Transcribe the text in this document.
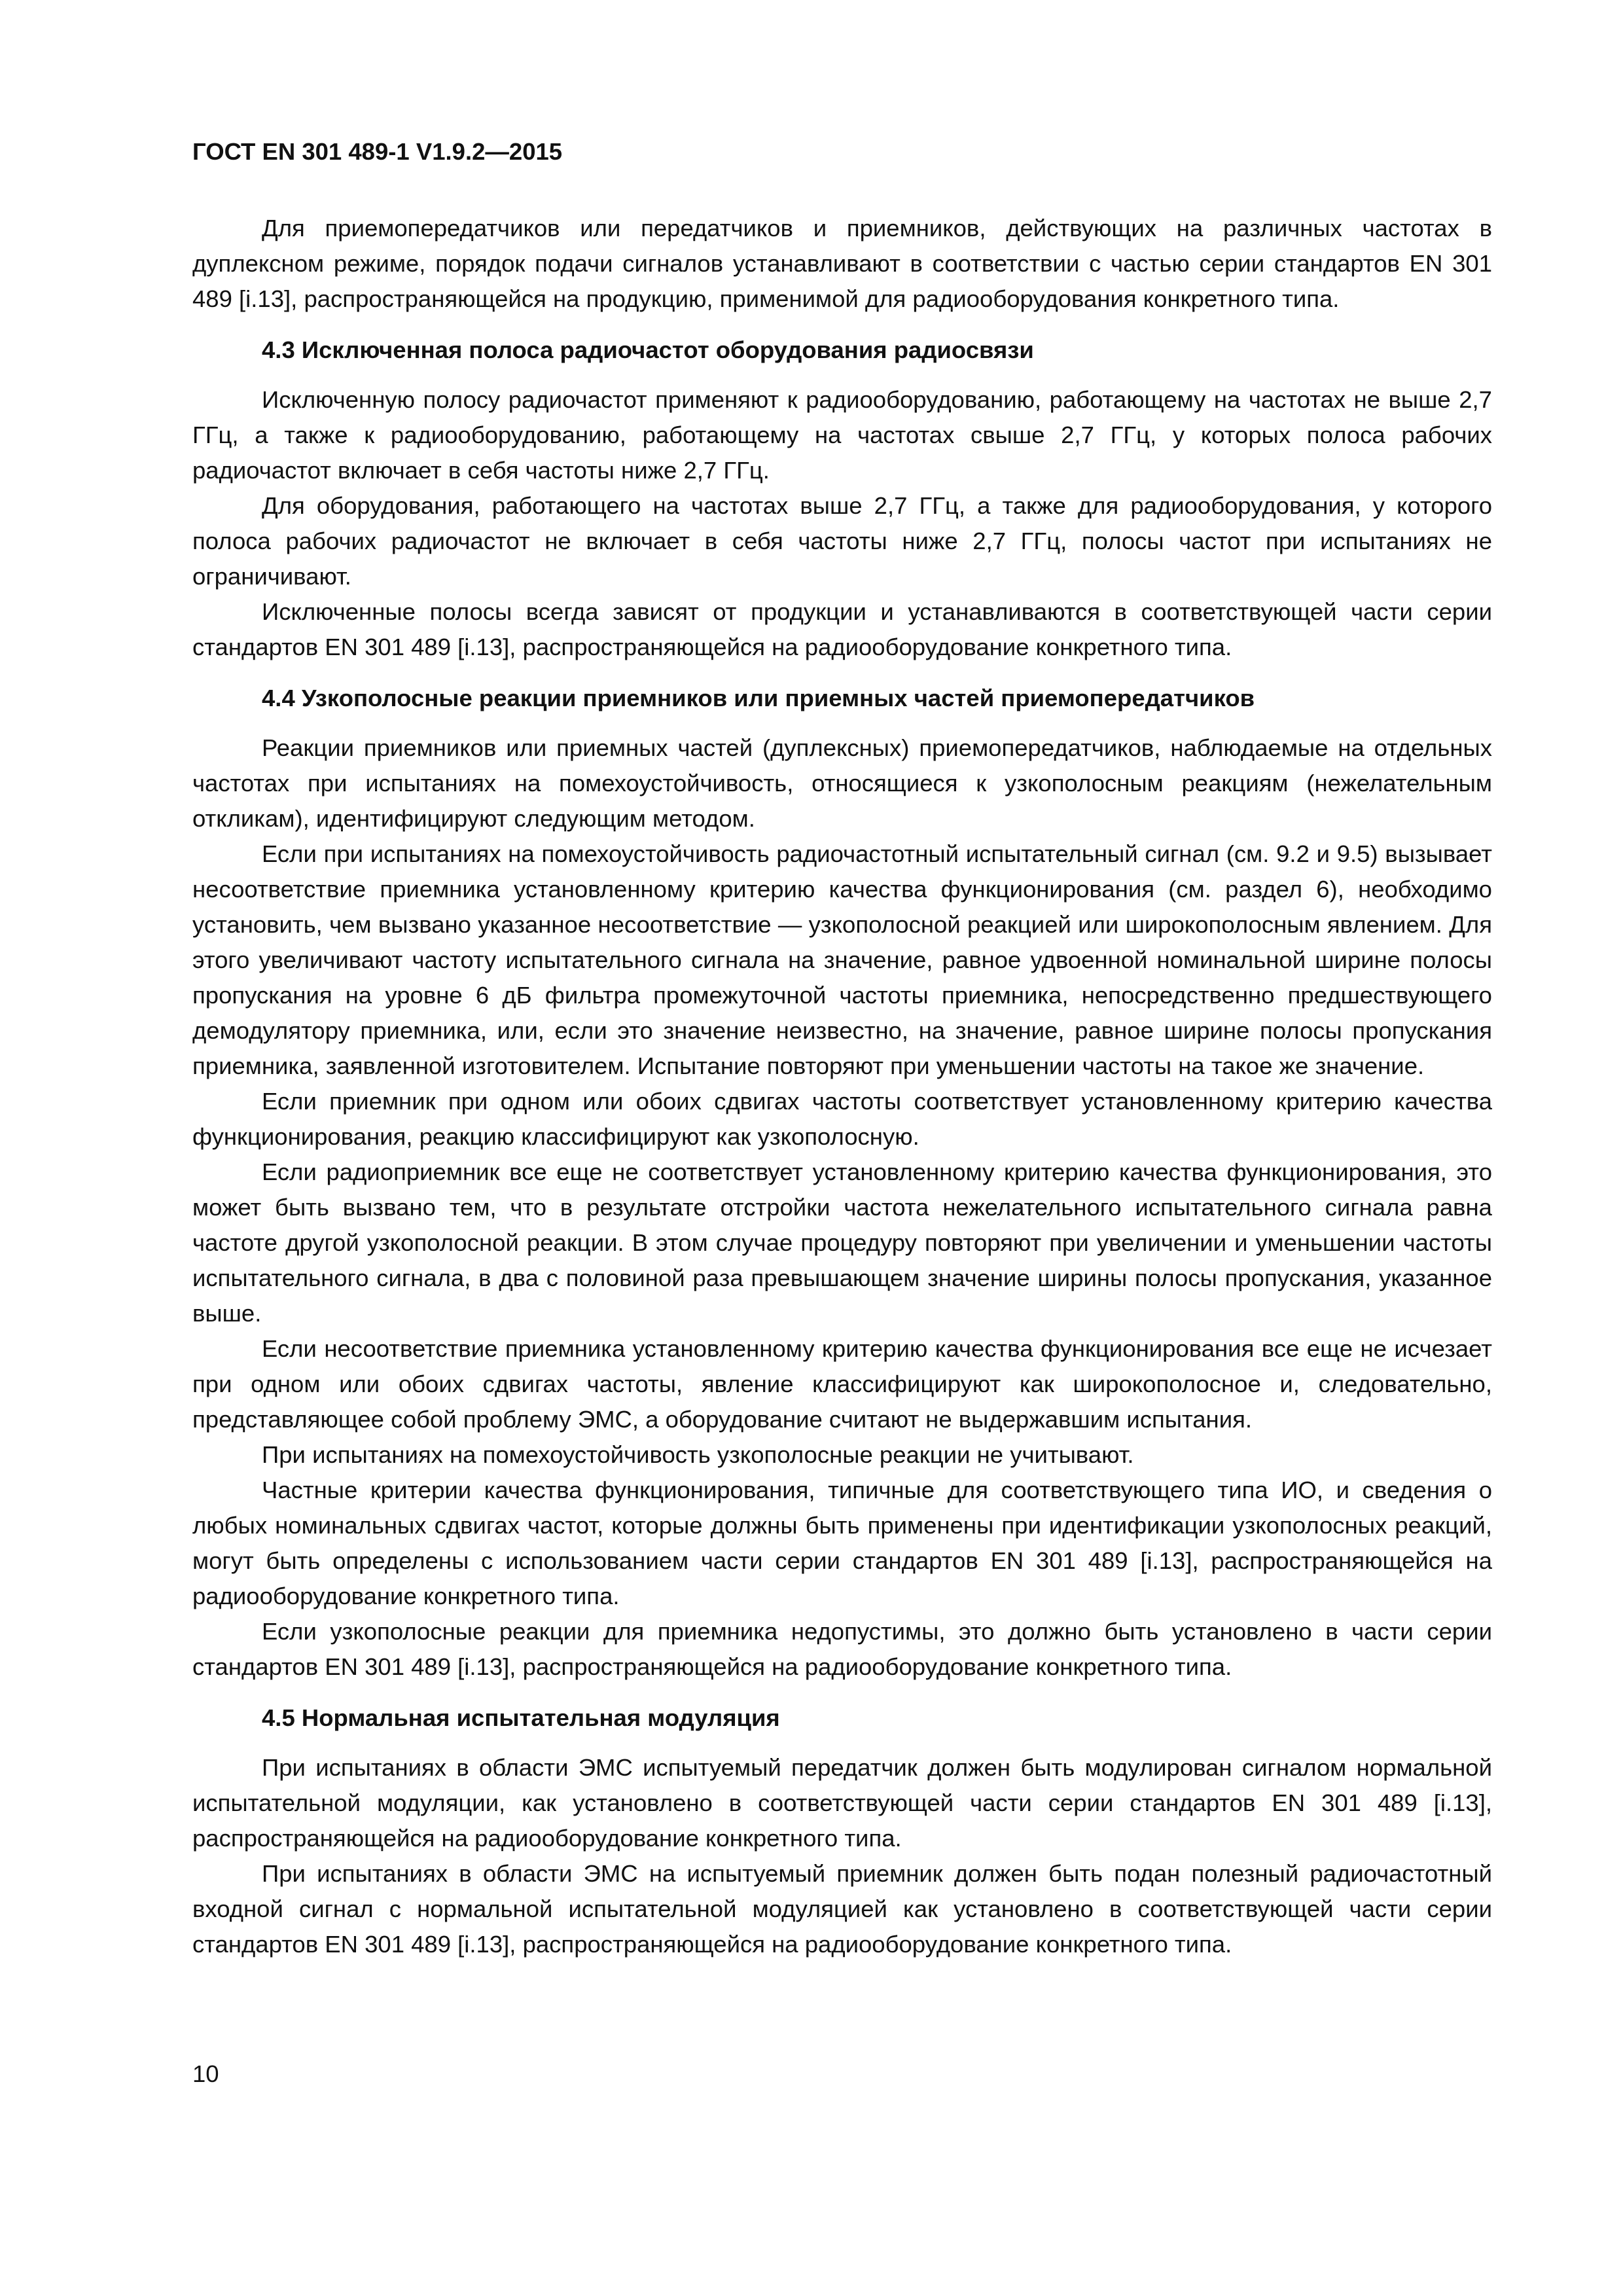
ГОСТ EN 301 489-1 V1.9.2—2015

Для приемопередатчиков или передатчиков и приемников, действующих на различных частотах в дуплексном режиме, порядок подачи сигналов устанавливают в соответствии с частью серии стандартов EN 301 489 [i.13], распространяющейся на продукцию, применимой для радиооборудования конкретного типа.

4.3 Исключенная полоса радиочастот оборудования радиосвязи

Исключенную полосу радиочастот применяют к радиооборудованию, работающему на частотах не выше 2,7 ГГц, а также к радиооборудованию, работающему на частотах свыше 2,7 ГГц, у которых полоса рабочих радиочастот включает в себя частоты ниже 2,7 ГГц.

Для оборудования, работающего на частотах выше 2,7 ГГц, а также для радиооборудования, у которого полоса рабочих радиочастот не включает в себя частоты ниже 2,7 ГГц, полосы частот при испытаниях не ограничивают.

Исключенные полосы всегда зависят от продукции и устанавливаются в соответствующей части серии стандартов EN 301 489 [i.13], распространяющейся на радиооборудование конкретного типа.

4.4 Узкополосные реакции приемников или приемных частей приемопередатчиков

Реакции приемников или приемных частей (дуплексных) приемопередатчиков, наблюдаемые на отдельных частотах при испытаниях на помехоустойчивость, относящиеся к узкополосным реакциям (нежелательным откликам), идентифицируют следующим методом.

Если при испытаниях на помехоустойчивость радиочастотный испытательный сигнал (см. 9.2 и 9.5) вызывает несоответствие приемника установленному критерию качества функционирования (см. раздел 6), необходимо установить, чем вызвано указанное несоответствие — узкополосной реакцией или широкополосным явлением. Для этого увеличивают частоту испытательного сигнала на значение, равное удвоенной номинальной ширине полосы пропускания на уровне 6 дБ фильтра промежуточной частоты приемника, непосредственно предшествующего демодулятору приемника, или, если это значение неизвестно, на значение, равное ширине полосы пропускания приемника, заявленной изготовителем. Испытание повторяют при уменьшении частоты на такое же значение.

Если приемник при одном или обоих сдвигах частоты соответствует установленному критерию качества функционирования, реакцию классифицируют как узкополосную.

Если радиоприемник все еще не соответствует установленному критерию качества функционирования, это может быть вызвано тем, что в результате отстройки частота нежелательного испытательного сигнала равна частоте другой узкополосной реакции. В этом случае процедуру повторяют при увеличении и уменьшении частоты испытательного сигнала, в два с половиной раза превышающем значение ширины полосы пропускания, указанное выше.

Если несоответствие приемника установленному критерию качества функционирования все еще не исчезает при одном или обоих сдвигах частоты, явление классифицируют как широкополосное и, следовательно, представляющее собой проблему ЭМС, а оборудование считают не выдержавшим испытания.

При испытаниях на помехоустойчивость узкополосные реакции не учитывают.

Частные критерии качества функционирования, типичные для соответствующего типа ИО, и сведения о любых номинальных сдвигах частот, которые должны быть применены при идентификации узкополосных реакций, могут быть определены с использованием части серии стандартов EN 301 489 [i.13], распространяющейся на радиооборудование конкретного типа.

Если узкополосные реакции для приемника недопустимы, это должно быть установлено в части серии стандартов EN 301 489 [i.13], распространяющейся на радиооборудование конкретного типа.

4.5 Нормальная испытательная модуляция

При испытаниях в области ЭМС испытуемый передатчик должен быть модулирован сигналом нормальной испытательной модуляции, как установлено в соответствующей части серии стандартов EN 301 489 [i.13], распространяющейся на радиооборудование конкретного типа.

При испытаниях в области ЭМС на испытуемый приемник должен быть подан полезный радиочастотный входной сигнал с нормальной испытательной модуляцией как установлено в соответствующей части серии стандартов EN 301 489 [i.13], распространяющейся на радиооборудование конкретного типа.

10
